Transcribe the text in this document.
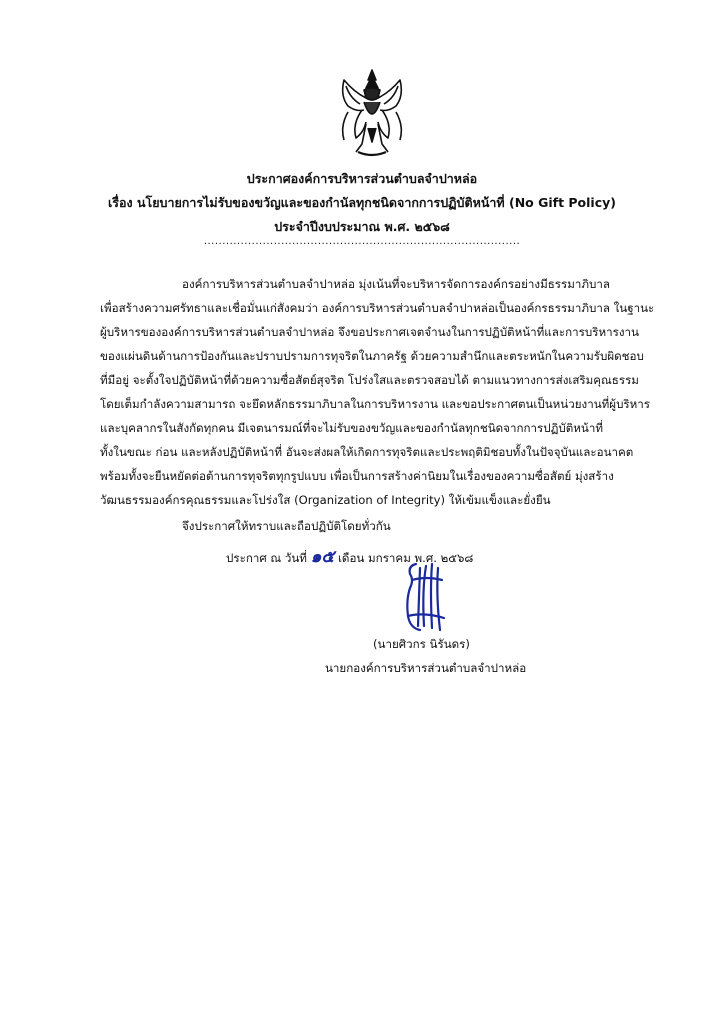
ประกาศองค์การบริหารส่วนตำบลจำปาหล่อ
เรื่อง นโยบายการไม่รับของขวัญและของกำนัลทุกชนิดจากการปฏิบัติหน้าที่ (No Gift Policy)
ประจำปีงบประมาณ พ.ศ. ๒๕๖๘
......................................................................................
องค์การบริหารส่วนตำบลจำปาหล่อ มุ่งเน้นที่จะบริหารจัดการองค์กรอย่างมีธรรมาภิบาล
เพื่อสร้างความศรัทธาและเชื่อมั่นแก่สังคมว่า องค์การบริหารส่วนตำบลจำปาหล่อเป็นองค์กรธรรมาภิบาล ในฐานะ
ผู้บริหารขององค์การบริหารส่วนตำบลจำปาหล่อ จึงขอประกาศเจตจำนงในการปฏิบัติหน้าที่และการบริหารงาน
ของแผ่นดินด้านการป้องกันและปราบปรามการทุจริตในภาครัฐ ด้วยความสำนึกและตระหนักในความรับผิดชอบ
ที่มีอยู่ จะตั้งใจปฏิบัติหน้าที่ด้วยความซื่อสัตย์สุจริต โปร่งใสและตรวจสอบได้ ตามแนวทางการส่งเสริมคุณธรรม
โดยเต็มกำลังความสามารถ จะยึดหลักธรรมาภิบาลในการบริหารงาน และขอประกาศตนเป็นหน่วยงานที่ผู้บริหาร
และบุคลากรในสังกัดทุกคน มีเจตนารมณ์ที่จะไม่รับของขวัญและของกำนัลทุกชนิดจากการปฏิบัติหน้าที่
ทั้งในขณะ ก่อน และหลังปฏิบัติหน้าที่ อันจะส่งผลให้เกิดการทุจริตและประพฤติมิชอบทั้งในปัจจุบันและอนาคต
พร้อมทั้งจะยืนหยัดต่อต้านการทุจริตทุกรูปแบบ เพื่อเป็นการสร้างค่านิยมในเรื่องของความซื่อสัตย์ มุ่งสร้าง
วัฒนธรรมองค์กรคุณธรรมและโปร่งใส (Organization of Integrity) ให้เข้มแข็งและยั่งยืน
จึงประกาศให้ทราบและถือปฏิบัติโดยทั่วกัน
ประกาศ ณ วันที่ ๑๕ เดือน มกราคม พ.ศ. ๒๕๖๘
(นายศิวกร นิรันดร)
นายกองค์การบริหารส่วนตำบลจำปาหล่อ
